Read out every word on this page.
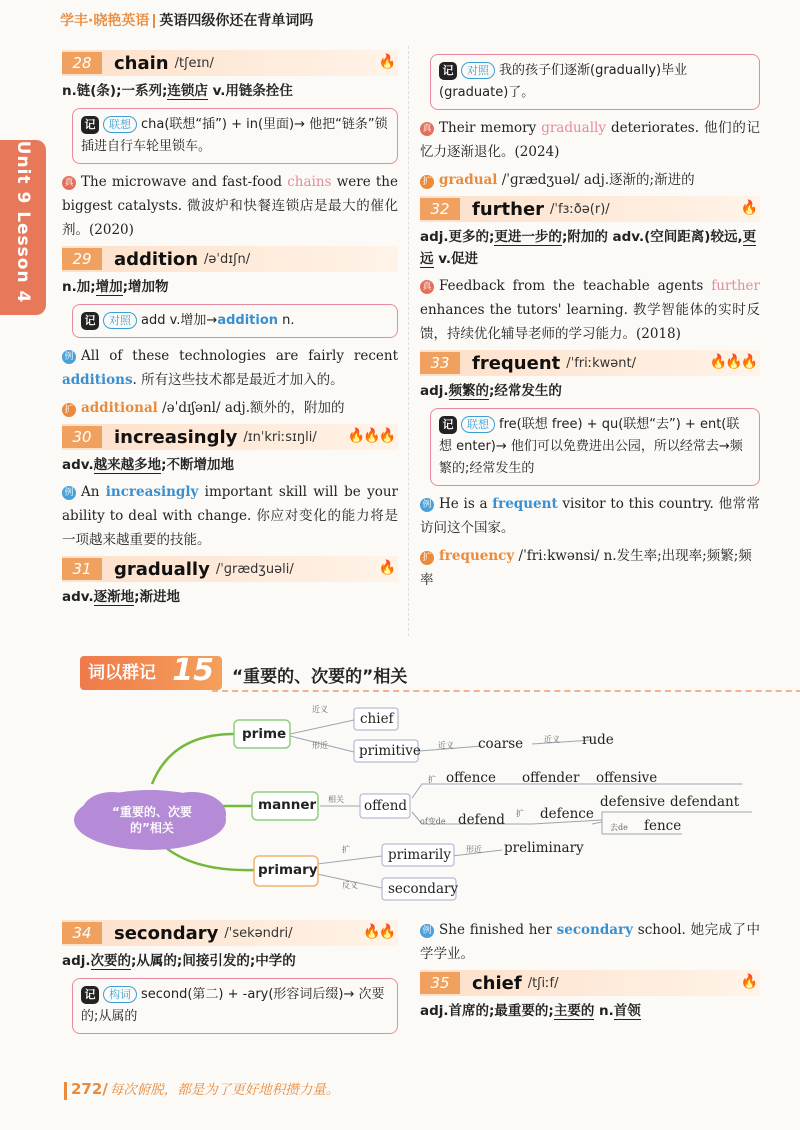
学丰·晓艳英语 英语四级你还在背单词吗
Unit 9 Lesson 4
28	chain /tʃeɪn/	🔥
n.链(条);一系列;连锁店 v.用链条拴住
记 联想 cha(联想“插”) + in(里面)→ 他把“链条”锁插进自行车轮里锁车。
真 The microwave and fast-food chains were the biggest catalysts. 微波炉和快餐连锁店是最大的催化剂。(2020)
29	addition /əˈdɪʃn/
n.加;增加;增加物
记 对照 add v.增加→addition n.
例 All of these technologies are fairly recent additions. 所有这些技术都是最近才加入的。
扩 additional /əˈdɪʃənl/ adj.额外的，附加的
30	increasingly /ɪnˈkriːsɪŋli/ 🔥🔥🔥
adv.越来越多地;不断增加地
例 An increasingly important skill will be your ability to deal with change. 你应对变化的能力将是一项越来越重要的技能。
31	gradually /ˈɡrædʒuəli/	🔥
adv.逐渐地;渐进地
记 对照 我的孩子们逐渐(gradually)毕业(graduate)了。
真 Their memory gradually deteriorates. 他们的记忆力逐渐退化。(2024)
扩 gradual /ˈɡrædʒuəl/ adj.逐渐的;渐进的
32	further /ˈfɜːðə(r)/	🔥
adj.更多的;更进一步的;附加的 adv.(空间距离)较远,更远 v.促进
真 Feedback from the teachable agents further enhances the tutors' learning. 教学智能体的实时反馈，持续优化辅导老师的学习能力。(2018)
33	frequent /ˈfriːkwənt/	🔥🔥🔥
adj.频繁的;经常发生的
记 联想 fre(联想 free) + qu(联想“去”) + ent(联想 enter)→ 他们可以免费进出公园，所以经常去→频繁的;经常发生的
例 He is a frequent visitor to this country. 他常常访问这个国家。
扩 frequency /ˈfriːkwənsi/ n.发生率;出现率;频繁;频率
词以群记 15 “重要的、次要的”相关
“重要的、次要的”相关
prime
chief
primitive	coarse	rude
manner	offend
offence offender offensive
defend	defence
defensive defendant
fence
primary
primarily	preliminary
secondary
近义
形近	近义
近义
相关
扩
of变de
扩
去de
扩	形近
反义
34	secondary /ˈsekəndri/	🔥🔥
adj.次要的;从属的;间接引发的;中学的
记 构词 second(第二) + -ary(形容词后缀)→ 次要的;从属的
例 She finished her secondary school. 她完成了中学学业。
35	chief /tʃiːf/	🔥
adj.首席的;最重要的;主要的 n.首领
272/ 每次俯脱，都是为了更好地积攒力量。
